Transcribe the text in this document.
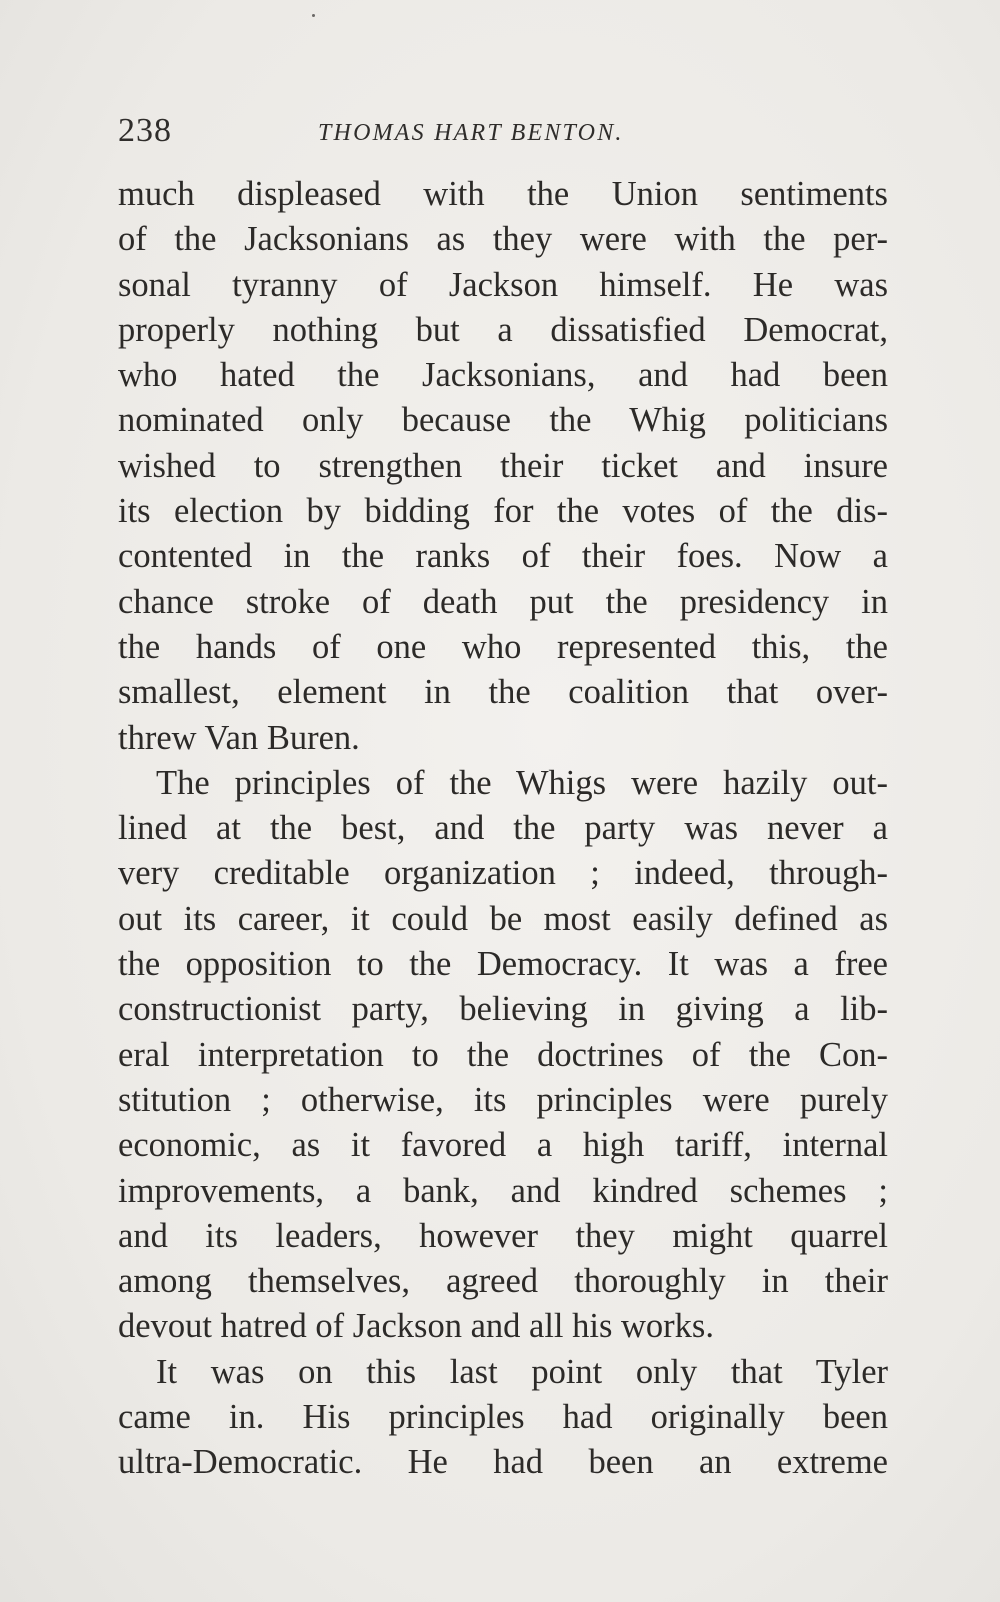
238	THOMAS HART BENTON.
much displeased with the Union sentiments
of the Jacksonians as they were with the per-
sonal tyranny of Jackson himself. He was
properly nothing but a dissatisfied Democrat,
who hated the Jacksonians, and had been
nominated only because the Whig politicians
wished to strengthen their ticket and insure
its election by bidding for the votes of the dis-
contented in the ranks of their foes. Now a
chance stroke of death put the presidency in
the hands of one who represented this, the
smallest, element in the coalition that over-
threw Van Buren.
The principles of the Whigs were hazily out-
lined at the best, and the party was never a
very creditable organization ; indeed, through-
out its career, it could be most easily defined as
the opposition to the Democracy. It was a free
constructionist party, believing in giving a lib-
eral interpretation to the doctrines of the Con-
stitution ; otherwise, its principles were purely
economic, as it favored a high tariff, internal
improvements, a bank, and kindred schemes ;
and its leaders, however they might quarrel
among themselves, agreed thoroughly in their
devout hatred of Jackson and all his works.
It was on this last point only that Tyler
came in. His principles had originally been
ultra-Democratic. He had been an extreme
